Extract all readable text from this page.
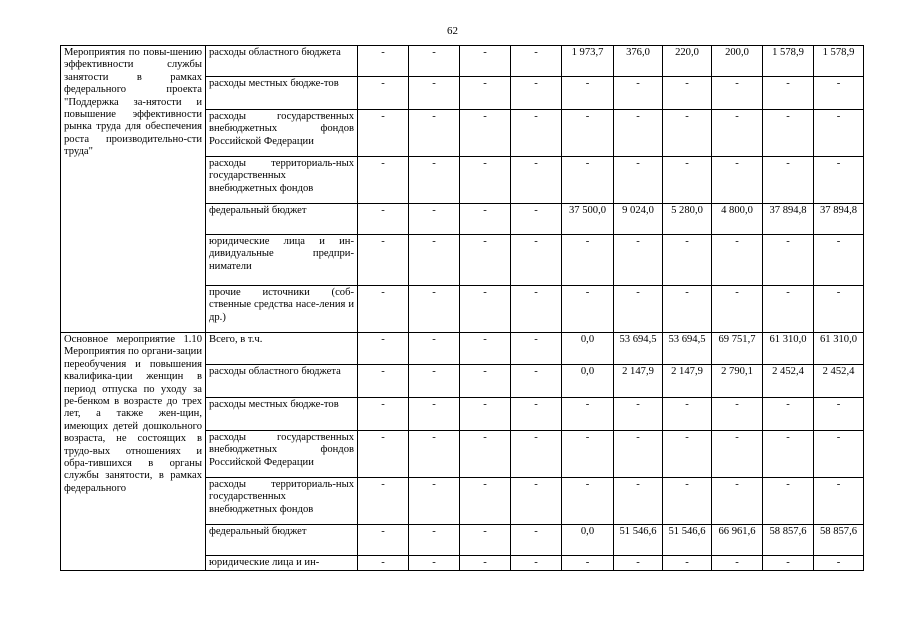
62
Мероприятия по повы-шению эффективности службы занятости в рамках федерального проекта "Поддержка за-нятости и повышение эффективности рынка труда для обеспечения роста производительно-сти труда"	расходы областного бюджета	-	-	-	-	1 973,7	376,0	220,0	200,0	1 578,9	1 578,9
	расходы местных бюдже-тов	-	-	-	-	-	-	-	-	-	-
	расходы государственных внебюджетных фондов Российской Федерации	-	-	-	-	-	-	-	-	-	-
	расходы территориаль-ных государственных внебюджетных фондов	-	-	-	-	-	-	-	-	-	-
	федеральный бюджет	-	-	-	-	37 500,0	9 024,0	5 280,0	4 800,0	37 894,8	37 894,8
	юридические лица и ин-дивидуальные предпри-ниматели	-	-	-	-	-	-	-	-	-	-
	прочие источники (соб-ственные средства насе-ления и др.)	-	-	-	-	-	-	-	-	-	-

Основное мероприятие 1.10
Мероприятия по органи-зации переобучения и повышения квалифика-ции женщин в период отпуска по уходу за ре-бенком в возрасте до трех лет, а также жен-щин, имеющих детей дошкольного возраста, не состоящих в трудо-вых отношениях и обра-тившихся в органы службы занятости, в рамках федерального	Всего, в т.ч.	-	-	-	-	0,0	53 694,5	53 694,5	69 751,7	61 310,0	61 310,0
	расходы областного бюджета	-	-	-	-	0,0	2 147,9	2 147,9	2 790,1	2 452,4	2 452,4
	расходы местных бюдже-тов	-	-	-	-	-	-	-	-	-	-
	расходы государственных внебюджетных фондов Российской Федерации	-	-	-	-	-	-	-	-	-	-
	расходы территориаль-ных государственных внебюджетных фондов	-	-	-	-	-	-	-	-	-	-
	федеральный бюджет	-	-	-	-	0,0	51 546,6	51 546,6	66 961,6	58 857,6	58 857,6
	юридические лица и ин-	-	-	-	-	-	-	-	-	-	-
